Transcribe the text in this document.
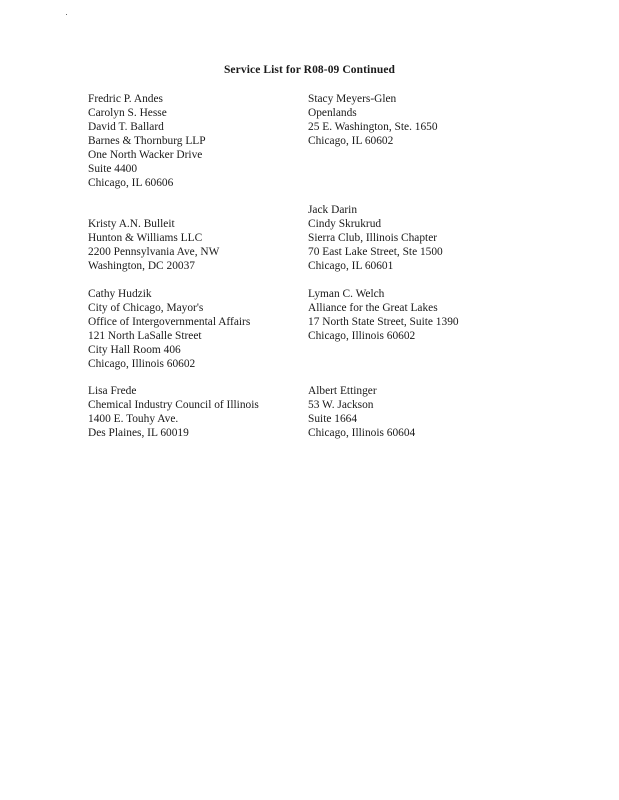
Service List for R08-09 Continued
Fredric P. Andes
Carolyn S. Hesse
David T. Ballard
Barnes & Thornburg LLP
One North Wacker Drive
Suite 4400
Chicago, IL 60606
Stacy Meyers-Glen
Openlands
25 E. Washington, Ste. 1650
Chicago, IL 60602
Kristy A.N. Bulleit
Hunton & Williams LLC
2200 Pennsylvania Ave, NW
Washington, DC 20037
Jack Darin
Cindy Skrukrud
Sierra Club, Illinois Chapter
70 East Lake Street, Ste 1500
Chicago, IL 60601
Cathy Hudzik
City of Chicago, Mayor's
Office of Intergovernmental Affairs
121 North LaSalle Street
City Hall Room 406
Chicago, Illinois 60602
Lyman C. Welch
Alliance for the Great Lakes
17 North State Street, Suite 1390
Chicago, Illinois 60602
Lisa Frede
Chemical Industry Council of Illinois
1400 E. Touhy Ave.
Des Plaines, IL 60019
Albert Ettinger
53 W. Jackson
Suite 1664
Chicago, Illinois 60604
